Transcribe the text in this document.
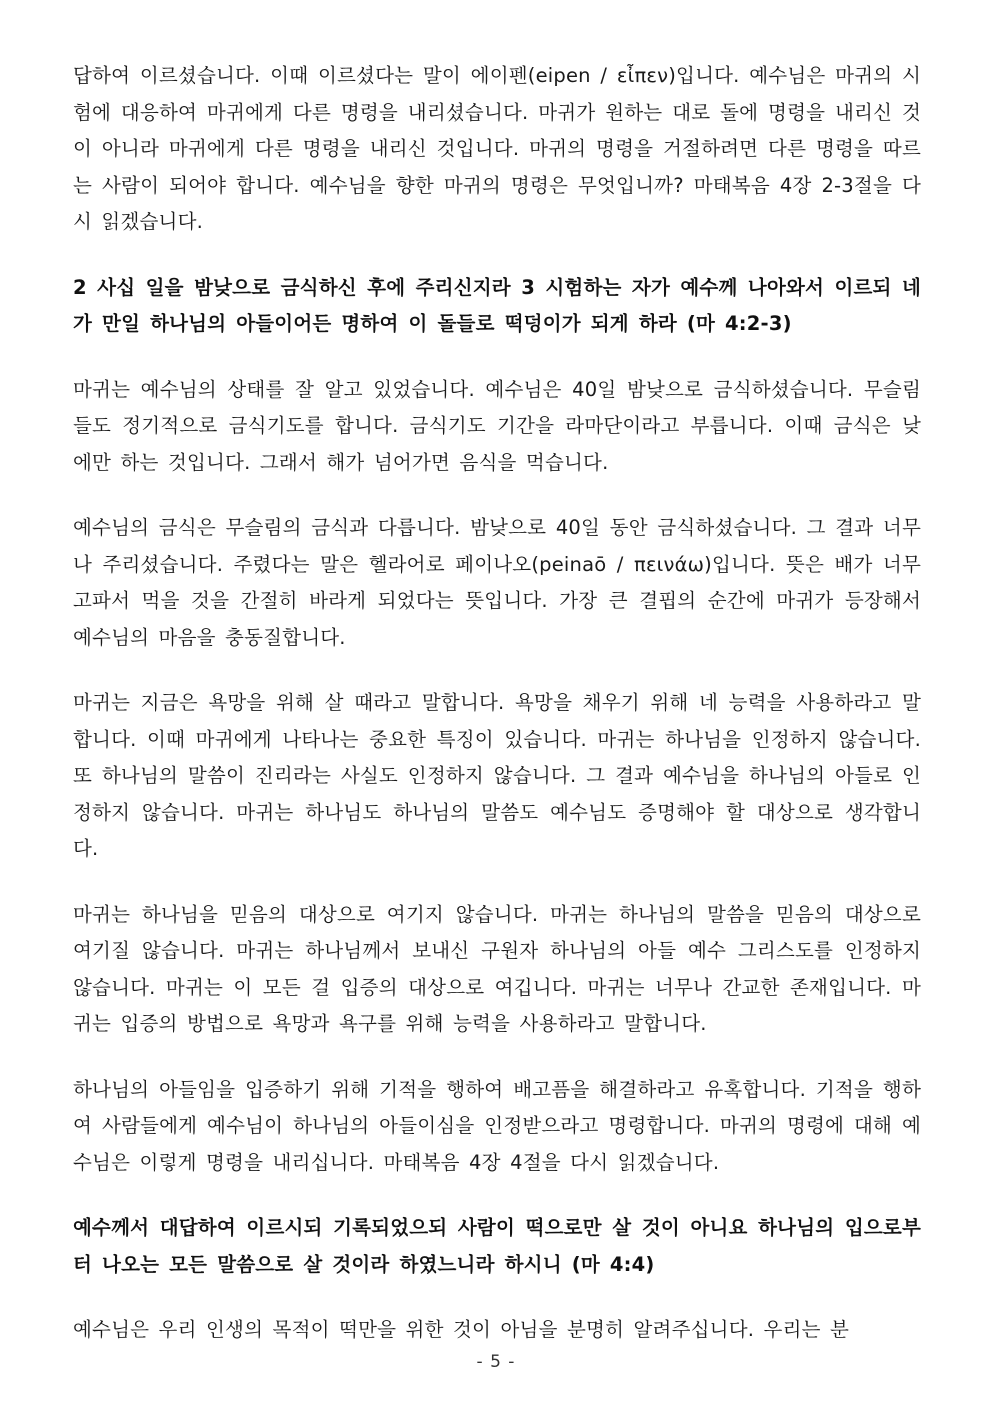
답하여 이르셨습니다. 이때 이르셨다는 말이 에이펜(eipen / εἶπεν)입니다. 예수님은 마귀의 시험에 대응하여 마귀에게 다른 명령을 내리셨습니다. 마귀가 원하는 대로 돌에 명령을 내리신 것이 아니라 마귀에게 다른 명령을 내리신 것입니다. 마귀의 명령을 거절하려면 다른 명령을 따르는 사람이 되어야 합니다. 예수님을 향한 마귀의 명령은 무엇입니까? 마태복음 4장 2-3절을 다시 읽겠습니다.

2 사십 일을 밤낮으로 금식하신 후에 주리신지라 3 시험하는 자가 예수께 나아와서 이르되 네가 만일 하나님의 아들이어든 명하여 이 돌들로 떡덩이가 되게 하라 (마 4:2-3)

마귀는 예수님의 상태를 잘 알고 있었습니다. 예수님은 40일 밤낮으로 금식하셨습니다. 무슬림들도 정기적으로 금식기도를 합니다. 금식기도 기간을 라마단이라고 부릅니다. 이때 금식은 낮에만 하는 것입니다. 그래서 해가 넘어가면 음식을 먹습니다.

예수님의 금식은 무슬림의 금식과 다릅니다. 밤낮으로 40일 동안 금식하셨습니다. 그 결과 너무나 주리셨습니다. 주렸다는 말은 헬라어로 페이나오(peinaō / πεινάω)입니다. 뜻은 배가 너무 고파서 먹을 것을 간절히 바라게 되었다는 뜻입니다. 가장 큰 결핍의 순간에 마귀가 등장해서 예수님의 마음을 충동질합니다.

마귀는 지금은 욕망을 위해 살 때라고 말합니다. 욕망을 채우기 위해 네 능력을 사용하라고 말합니다. 이때 마귀에게 나타나는 중요한 특징이 있습니다. 마귀는 하나님을 인정하지 않습니다. 또 하나님의 말씀이 진리라는 사실도 인정하지 않습니다. 그 결과 예수님을 하나님의 아들로 인정하지 않습니다. 마귀는 하나님도 하나님의 말씀도 예수님도 증명해야 할 대상으로 생각합니다.

마귀는 하나님을 믿음의 대상으로 여기지 않습니다. 마귀는 하나님의 말씀을 믿음의 대상으로 여기질 않습니다. 마귀는 하나님께서 보내신 구원자 하나님의 아들 예수 그리스도를 인정하지 않습니다. 마귀는 이 모든 걸 입증의 대상으로 여깁니다. 마귀는 너무나 간교한 존재입니다. 마귀는 입증의 방법으로 욕망과 욕구를 위해 능력을 사용하라고 말합니다.

하나님의 아들임을 입증하기 위해 기적을 행하여 배고픔을 해결하라고 유혹합니다. 기적을 행하여 사람들에게 예수님이 하나님의 아들이심을 인정받으라고 명령합니다. 마귀의 명령에 대해 예수님은 이렇게 명령을 내리십니다. 마태복음 4장 4절을 다시 읽겠습니다.

예수께서 대답하여 이르시되 기록되었으되 사람이 떡으로만 살 것이 아니요 하나님의 입으로부터 나오는 모든 말씀으로 살 것이라 하였느니라 하시니 (마 4:4)

예수님은 우리 인생의 목적이 떡만을 위한 것이 아님을 분명히 알려주십니다. 우리는 분

- 5 -
